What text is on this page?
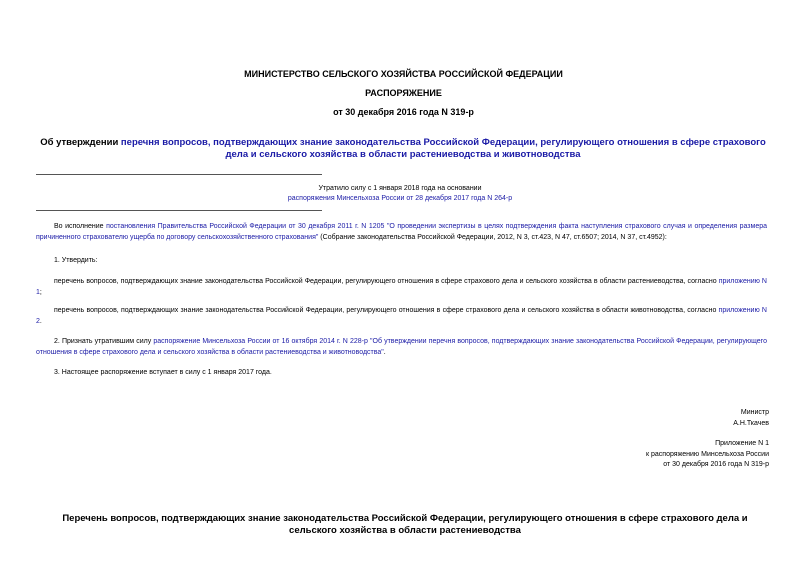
МИНИСТЕРСТВО СЕЛЬСКОГО ХОЗЯЙСТВА РОССИЙСКОЙ ФЕДЕРАЦИИ
РАСПОРЯЖЕНИЕ
от 30 декабря 2016 года N 319-р
Об утверждении перечня вопросов, подтверждающих знание законодательства Российской Федерации, регулирующего отношения в сфере страхового дела и сельского хозяйства в области растениеводства и животноводства
Утратило силу с 1 января 2018 года на основании
распоряжения Минсельхоза России от 28 декабря 2017 года N 264-р
Во исполнение постановления Правительства Российской Федерации от 30 декабря 2011 г. N 1205 "О проведении экспертизы в целях подтверждения факта наступления страхового случая и определения размера причиненного страхователю ущерба по договору сельскохозяйственного страхования" (Собрание законодательства Российской Федерации, 2012, N 3, ст.423, N 47, ст.6507; 2014, N 37, ст.4952):
1. Утвердить:
перечень вопросов, подтверждающих знание законодательства Российской Федерации, регулирующего отношения в сфере страхового дела и сельского хозяйства в области растениеводства, согласно приложению N 1;
перечень вопросов, подтверждающих знание законодательства Российской Федерации, регулирующего отношения в сфере страхового дела и сельского хозяйства в области животноводства, согласно приложению N 2.
2. Признать утратившим силу распоряжение Минсельхоза России от 16 октября 2014 г. N 228-р "Об утверждении перечня вопросов, подтверждающих знание законодательства Российской Федерации, регулирующего отношения в сфере страхового дела и сельского хозяйства в области растениеводства и животноводства".
3. Настоящее распоряжение вступает в силу с 1 января 2017 года.
Министр
А.Н.Ткачев
Приложение N 1
к распоряжению Минсельхоза России
от 30 декабря 2016 года N 319-р
Перечень вопросов, подтверждающих знание законодательства Российской Федерации, регулирующего отношения в сфере страхового дела и сельского хозяйства в области растениеводства
